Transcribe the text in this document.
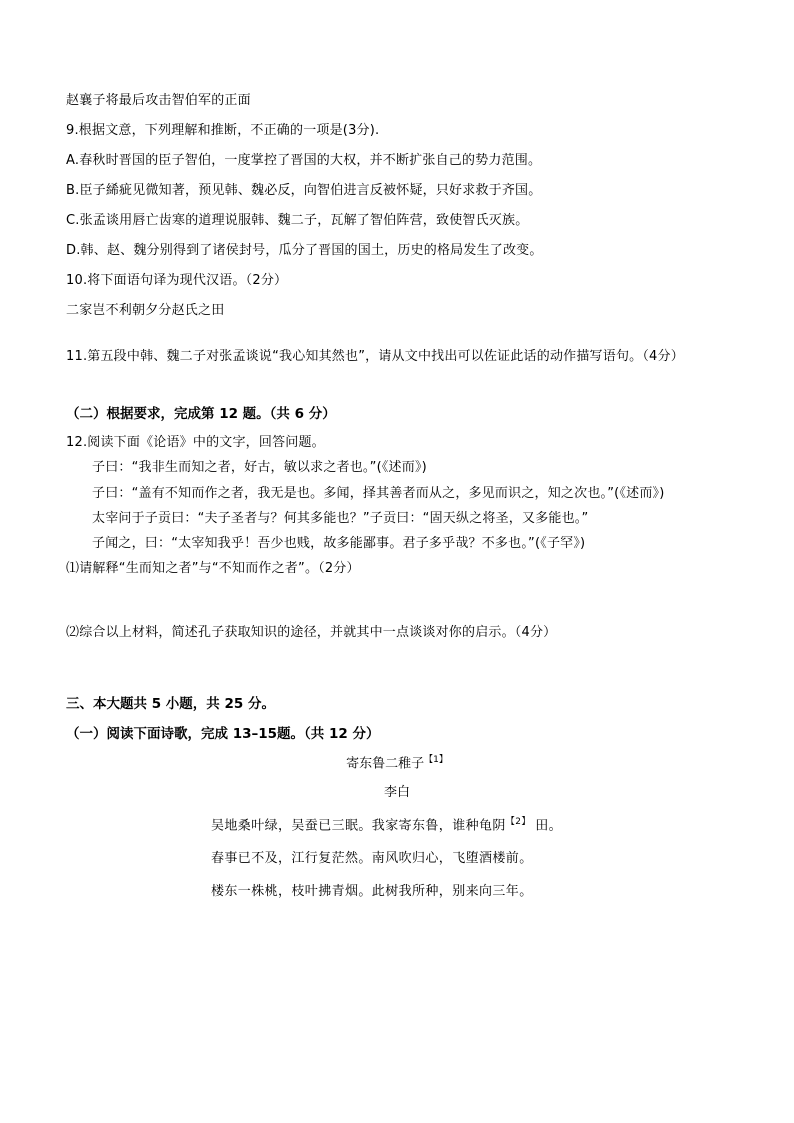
赵襄子将最后攻击智伯军的正面

9.根据文意，下列理解和推断，不正确的一项是(3分).

A.春秋时晋国的臣子智伯，一度掌控了晋国的大权，并不断扩张自己的势力范围。

B.臣子絺疵见微知著，预见韩、魏必反，向智伯进言反被怀疑，只好求救于齐国。

C.张孟谈用唇亡齿寒的道理说服韩、魏二子，瓦解了智伯阵营，致使智氏灭族。

D.韩、赵、魏分别得到了诸侯封号，瓜分了晋国的国土，历史的格局发生了改变。

10.将下面语句译为现代汉语。（2分）

二家岂不利朝夕分赵氏之田

11.第五段中韩、魏二子对张孟谈说“我心知其然也”，请从文中找出可以佐证此话的动作描写语句。（4分）

（二）根据要求，完成第 12 题。（共 6 分）

12.阅读下面《论语》中的文字，回答问题。

子曰：“我非生而知之者，好古，敏以求之者也。”(《述而》)

子曰：“盖有不知而作之者，我无是也。多闻，择其善者而从之，多见而识之，知之次也。”(《述而》)

太宰问于子贡曰：“夫子圣者与？何其多能也？”子贡曰：“固天纵之将圣，又多能也。”

子闻之，曰：“太宰知我乎！吾少也贱，故多能鄙事。君子多乎哉？不多也。”(《子罕》)

⑴请解释“生而知之者”与“不知而作之者”。（2分）

⑵综合以上材料，简述孔子获取知识的途径，并就其中一点谈谈对你的启示。（4分）

三、本大题共 5 小题，共 25 分。

（一）阅读下面诗歌，完成 13–15题。（共 12 分）

寄东鲁二稚子$^{【1】}$

李白

吴地桑叶绿，吴蚕已三眠。我家寄东鲁，谁种龟阴$^{【2】}$ 田。

春事已不及，江行复茫然。南风吹归心，飞堕酒楼前。

楼东一株桃，枝叶拂青烟。此树我所种，别来向三年。
